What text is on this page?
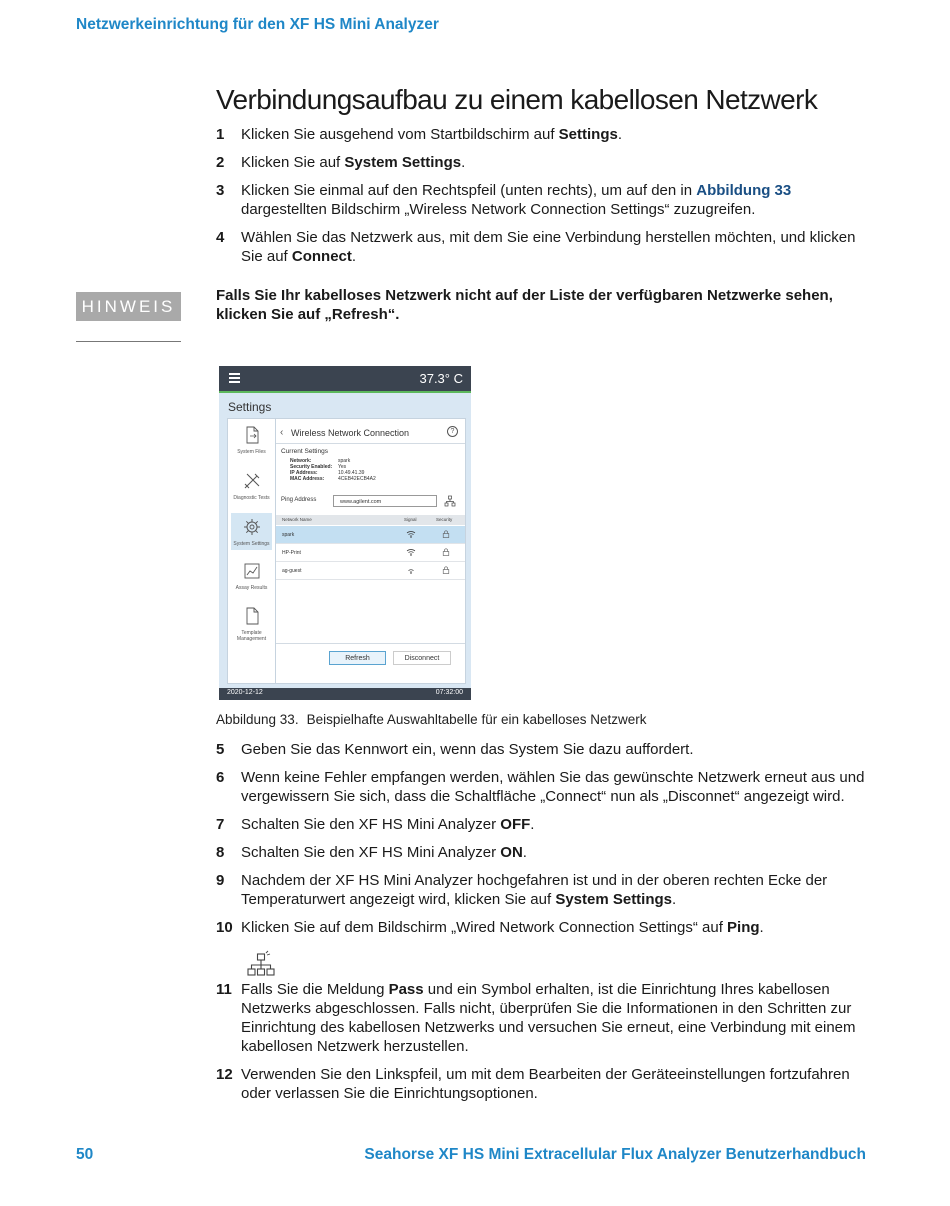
Netzwerkeinrichtung für den XF HS Mini Analyzer
Verbindungsaufbau zu einem kabellosen Netzwerk
1 Klicken Sie ausgehend vom Startbildschirm auf Settings.
2 Klicken Sie auf System Settings.
3 Klicken Sie einmal auf den Rechtspfeil (unten rechts), um auf den in Abbildung 33 dargestellten Bildschirm „Wireless Network Connection Settings“ zuzugreifen.
4 Wählen Sie das Netzwerk aus, mit dem Sie eine Verbindung herstellen möchten, und klicken Sie auf Connect.
HINWEIS
Falls Sie Ihr kabelloses Netzwerk nicht auf der Liste der verfügbaren Netzwerke sehen, klicken Sie auf „Refresh“.
37.3° C
Settings
System Files
Diagnostic Tests
System Settings
Assay Results
Template Management
‹ Wireless Network Connection	?
Current Settings
Network:	spark
Security Enabled: Yes
IP Address:	10.49.41.39
MAC Address:	4CEB42ECB4A2
Ping Address	www.agilent.com
Network Name	Signal	Security
spark
HP-Print
ag-guest
Refresh	Disconnect
2020-12-12	07:32:00
Abbildung 33. Beispielhafte Auswahltabelle für ein kabelloses Netzwerk
5 Geben Sie das Kennwort ein, wenn das System Sie dazu auffordert.
6 Wenn keine Fehler empfangen werden, wählen Sie das gewünschte Netzwerk erneut aus und vergewissern Sie sich, dass die Schaltfläche „Connect“ nun als „Disconnet“ angezeigt wird.
7 Schalten Sie den XF HS Mini Analyzer OFF.
8 Schalten Sie den XF HS Mini Analyzer ON.
9 Nachdem der XF HS Mini Analyzer hochgefahren ist und in der oberen rechten Ecke der Temperaturwert angezeigt wird, klicken Sie auf System Settings.
10 Klicken Sie auf dem Bildschirm „Wired Network Connection Settings“ auf Ping.
11 Falls Sie die Meldung Pass und ein Symbol erhalten, ist die Einrichtung Ihres kabellosen Netzwerks abgeschlossen. Falls nicht, überprüfen Sie die Informationen in den Schritten zur Einrichtung des kabellosen Netzwerks und versuchen Sie erneut, eine Verbindung mit einem kabellosen Netzwerk herzustellen.
12 Verwenden Sie den Linkspfeil, um mit dem Bearbeiten der Geräteeinstellungen fortzufahren oder verlassen Sie die Einrichtungsoptionen.
50	Seahorse XF HS Mini Extracellular Flux Analyzer Benutzerhandbuch
